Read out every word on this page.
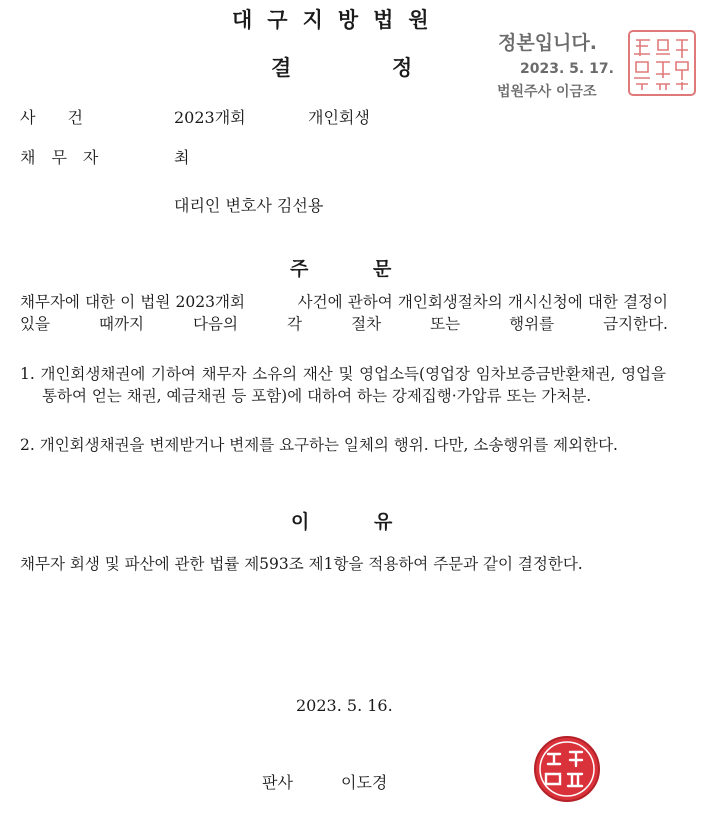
대구지방법원
결	정
정본입니다.
2023. 5. 17.
법원주사 이금조
사　　건	2023개회	개인회생
채　무　자	최
대리인 변호사 김선용
주	문
채무자에 대한 이 법원 2023개회　　　 사건에 관하여 개인회생절차의 개시신청에 대한 결정이 있을 때까지 다음의 각 절차 또는 행위를 금지한다.
1. 개인회생채권에 기하여 채무자 소유의 재산 및 영업소득(영업장 임차보증금반환채권, 영업을 통하여 얻는 채권, 예금채권 등 포함)에 대하여 하는 강제집행·가압류 또는 가처분.
2. 개인회생채권을 변제받거나 변제를 요구하는 일체의 행위. 다만, 소송행위를 제외한다.
이	유
채무자 회생 및 파산에 관한 법률 제593조 제1항을 적용하여 주문과 같이 결정한다.
2023. 5. 16.
판사	이도경
